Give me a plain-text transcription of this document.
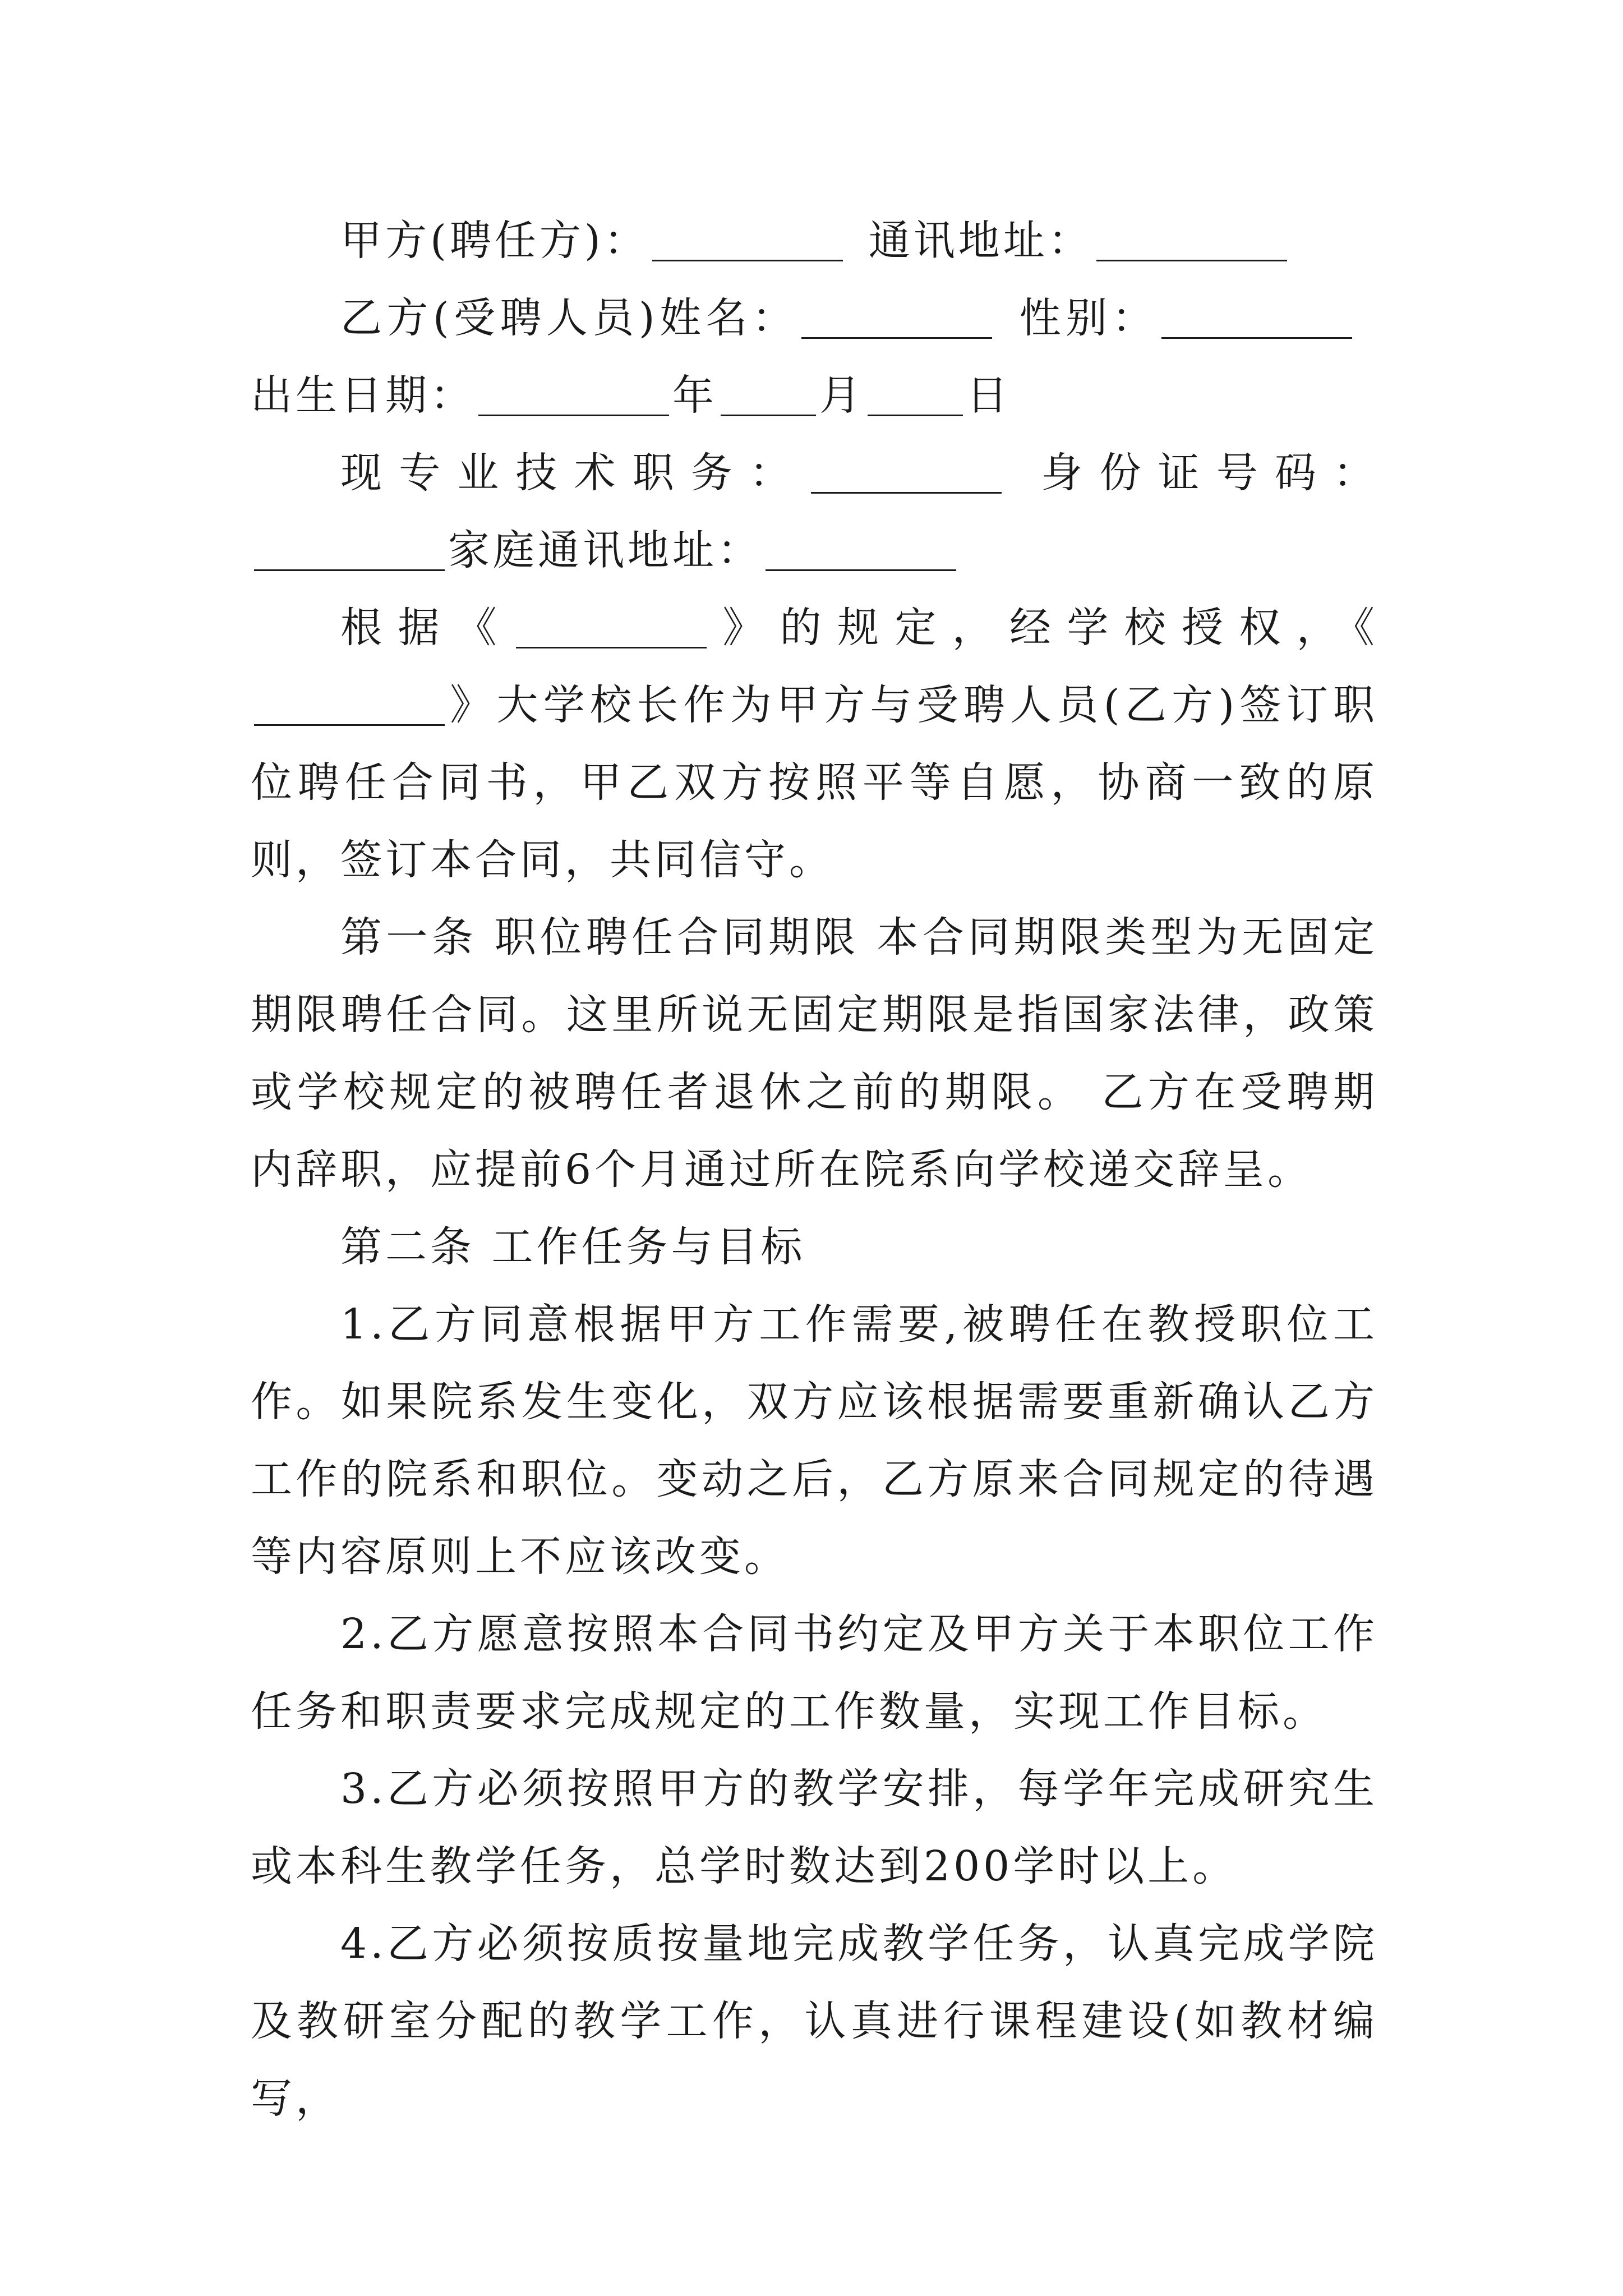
甲方(聘任方)：	通讯地址：

乙方(受聘人员)姓名：	性别：出生日期：	年 月 日

现专业技术职务：	身份证号码：家庭通讯地址：

根据《	》的规定，经学校授权，《》大学校长作为甲方与受聘人员(乙方)签订职位聘任合同书，甲乙双方按照平等自愿，协商一致的原则，签订本合同，共同信守。

第一条 职位聘任合同期限 本合同期限类型为无固定期限聘任合同。这里所说无固定期限是指国家法律，政策或学校规定的被聘任者退休之前的期限。 乙方在受聘期内辞职，应提前6个月通过所在院系向学校递交辞呈。

第二条 工作任务与目标

1.乙方同意根据甲方工作需要,被聘任在教授职位工作。如果院系发生变化，双方应该根据需要重新确认乙方工作的院系和职位。变动之后，乙方原来合同规定的待遇等内容原则上不应该改变。

2.乙方愿意按照本合同书约定及甲方关于本职位工作任务和职责要求完成规定的工作数量，实现工作目标。

3.乙方必须按照甲方的教学安排，每学年完成研究生或本科生教学任务，总学时数达到200学时以上。

4.乙方必须按质按量地完成教学任务，认真完成学院及教研室分配的教学工作，认真进行课程建设(如教材编写，
